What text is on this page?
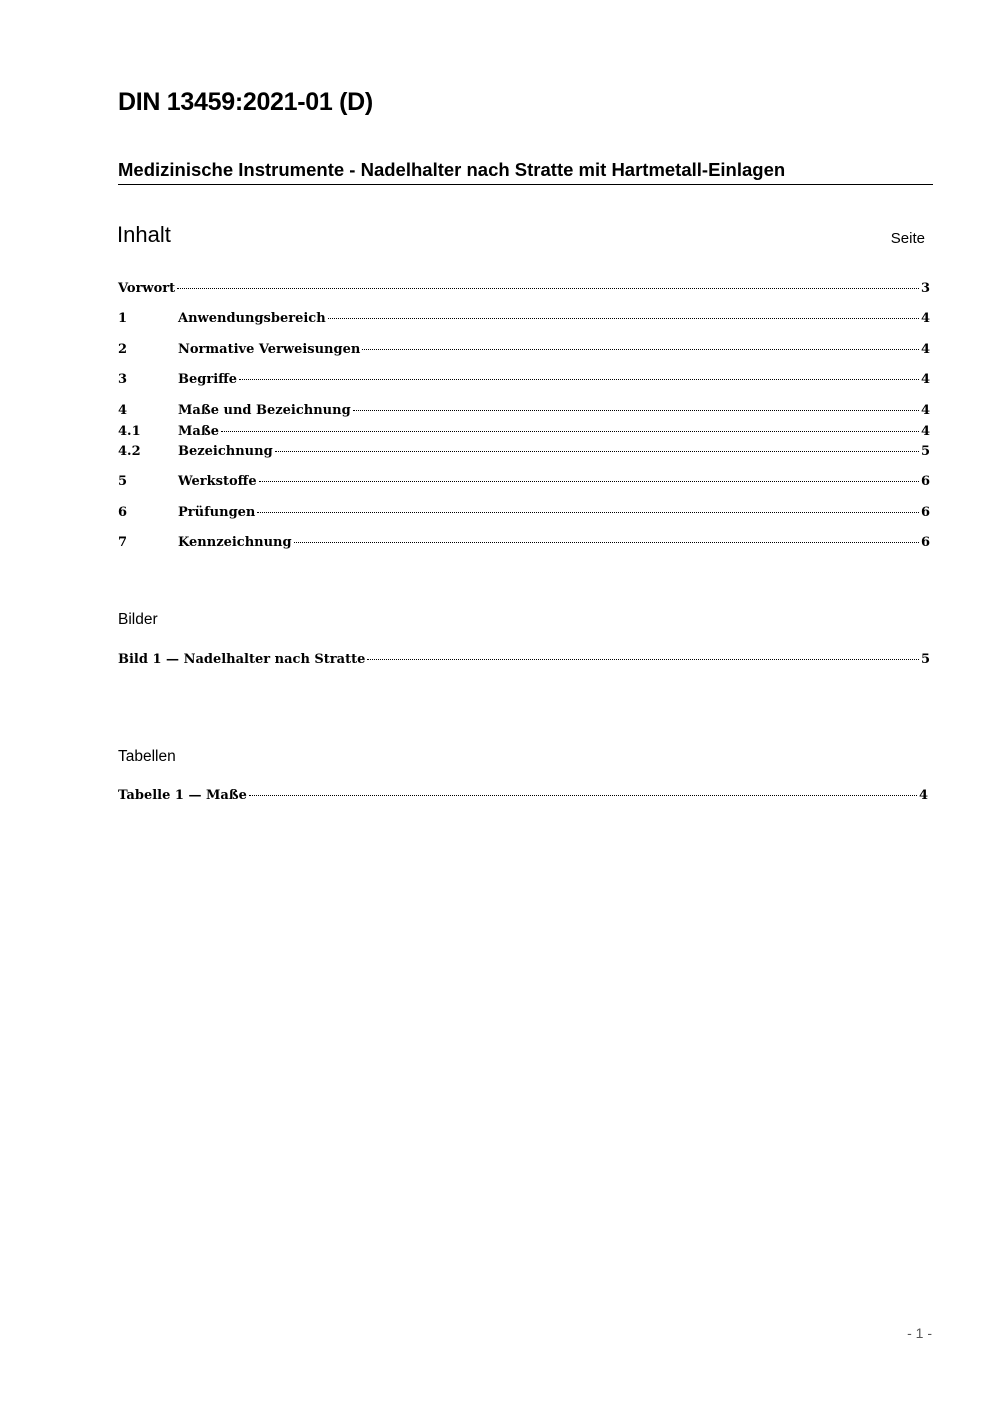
DIN 13459:2021-01 (D)
Medizinische Instrumente - Nadelhalter nach Stratte mit Hartmetall-Einlagen
Inhalt	Seite
Vorwort	3
1	Anwendungsbereich	4
2	Normative Verweisungen	4
3	Begriffe	4
4	Maße und Bezeichnung	4
4.1	Maße	4
4.2	Bezeichnung	5
5	Werkstoffe	6
6	Prüfungen	6
7	Kennzeichnung	6
Bilder
Bild 1 — Nadelhalter nach Stratte	5
Tabellen
Tabelle 1 — Maße	4
- 1 -
